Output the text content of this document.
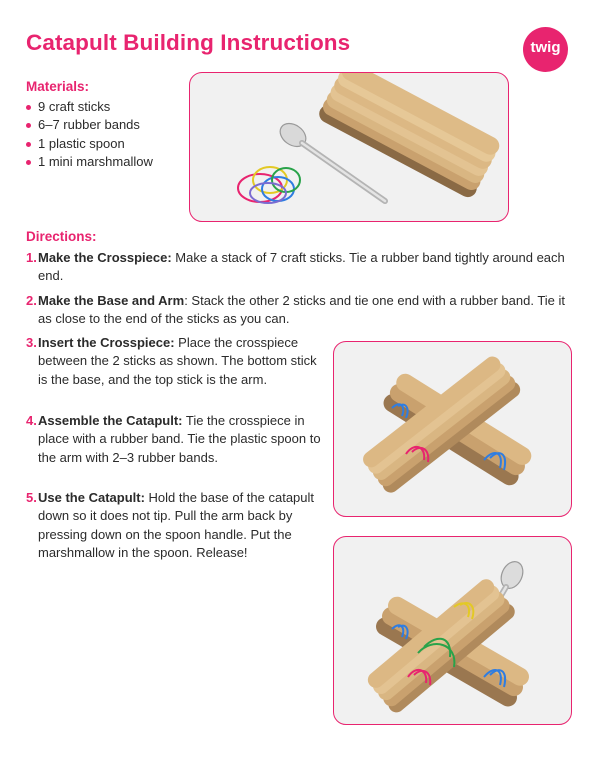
Catapult Building Instructions	twig
Materials:
9 craft sticks
6–7 rubber bands
1 plastic spoon
1 mini marshmallow
Directions:

1. Make the Crosspiece: Make a stack of 7 craft sticks. Tie a rubber band tightly around each end.

2. Make the Base and Arm: Stack the other 2 sticks and tie one end with a rubber band. Tie it as close to the end of the sticks as you can.

3. Insert the Crosspiece: Place the crosspiece between the 2 sticks as shown. The bottom stick is the base, and the top stick is the arm.

4. Assemble the Catapult: Tie the crosspiece in place with a rubber band. Tie the plastic spoon to the arm with 2–3 rubber bands.

5. Use the Catapult: Hold the base of the catapult down so it does not tip. Pull the arm back by pressing down on the spoon handle. Put the marshmallow in the spoon. Release!
